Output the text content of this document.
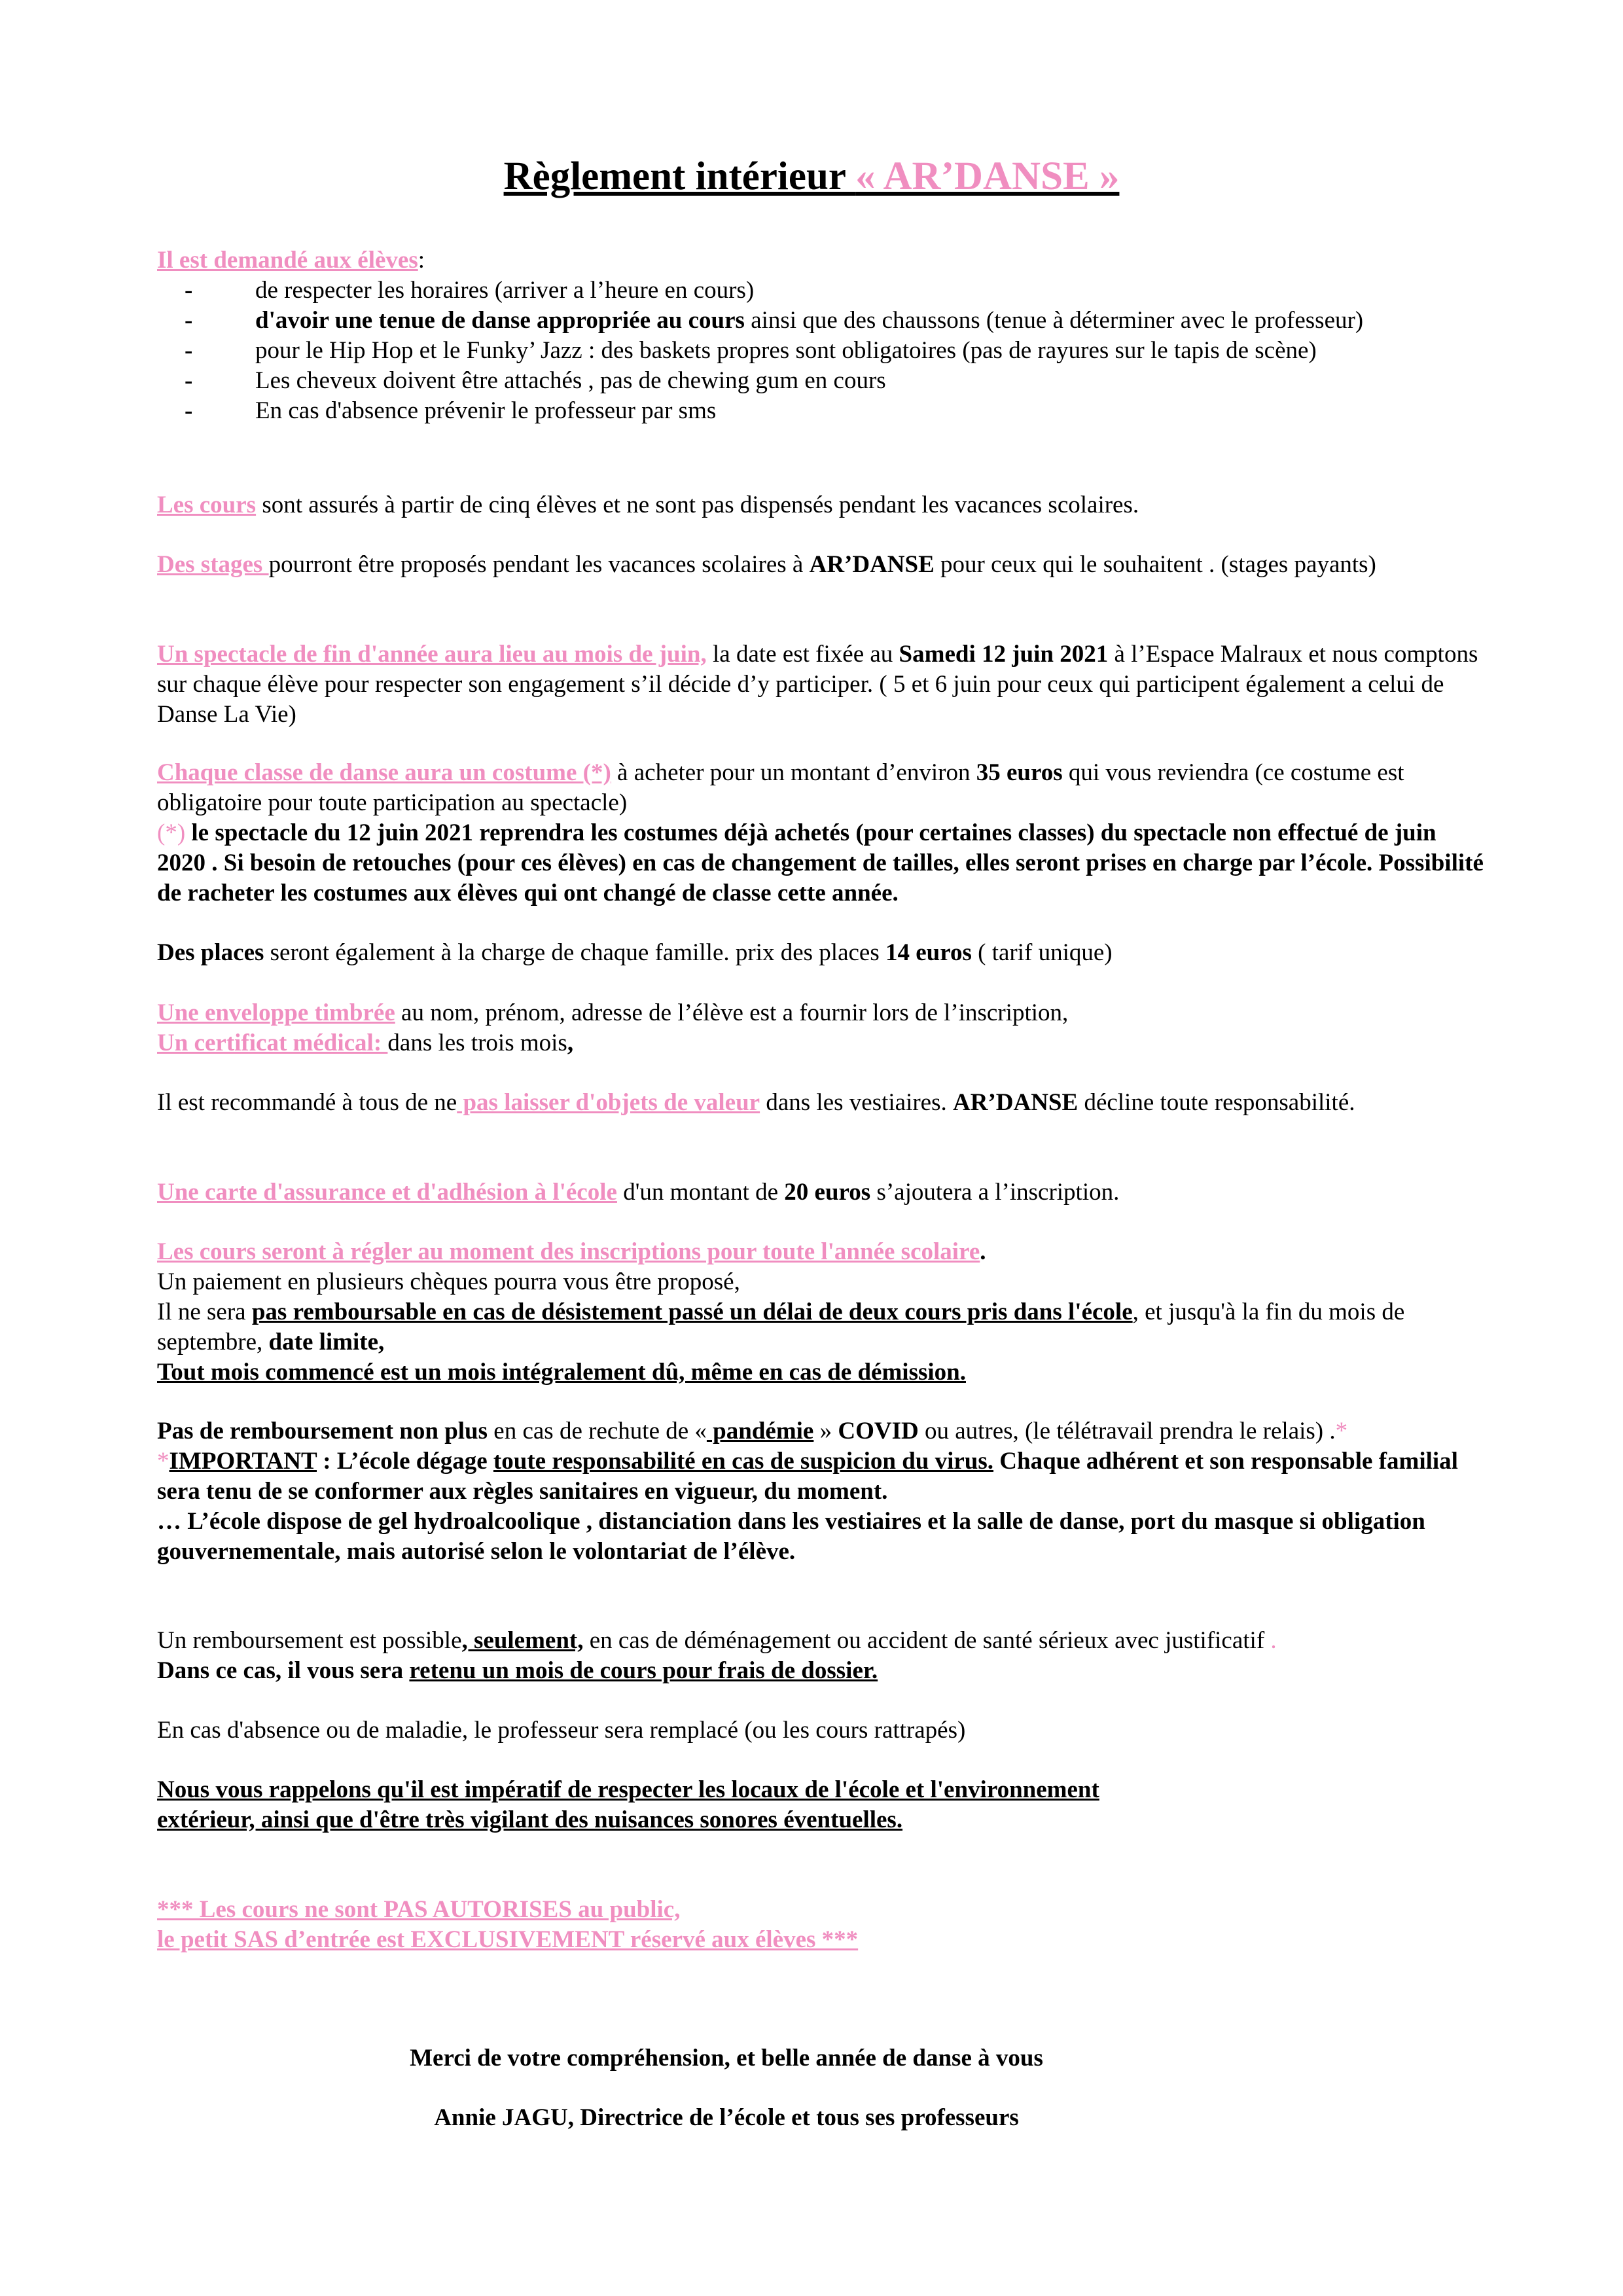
Règlement intérieur « AR’DANSE »
Il est demandé aux élèves:
-	de respecter les horaires (arriver a l’heure en cours)
-	d'avoir une tenue de danse appropriée au cours ainsi que des chaussons (tenue à déterminer avec le professeur)
-	pour le Hip Hop et le Funky’ Jazz : des baskets propres sont obligatoires (pas de rayures sur le tapis de scène)
-	Les cheveux doivent être attachés , pas de chewing gum en cours
-	En cas d'absence prévenir le professeur par sms

Les cours sont assurés à partir de cinq élèves et ne sont pas dispensés pendant les vacances scolaires.

Des stages pourront être proposés pendant les vacances scolaires à AR’DANSE pour ceux qui le souhaitent . (stages payants)

Un spectacle de fin d'année aura lieu au mois de juin, la date est fixée au Samedi 12 juin 2021 à l’Espace Malraux et nous comptons sur chaque élève pour respecter son engagement s’il décide d’y participer. ( 5 et 6 juin pour ceux qui participent également a celui de Danse La Vie)

Chaque classe de danse aura un costume (*) à acheter pour un montant d’environ 35 euros qui vous reviendra (ce costume est obligatoire pour toute participation au spectacle)
(*) le spectacle du 12 juin 2021 reprendra les costumes déjà achetés (pour certaines classes) du spectacle non effectué de juin 2020 . Si besoin de retouches (pour ces élèves) en cas de changement de tailles, elles seront prises en charge par l’école. Possibilité de racheter les costumes aux élèves qui ont changé de classe cette année.

Des places seront également à la charge de chaque famille. prix des places 14 euros ( tarif unique)

Une enveloppe timbrée au nom, prénom, adresse de l’élève est a fournir lors de l’inscription,

Un certificat médical: dans les trois mois,

Il est recommandé à tous de ne pas laisser d'objets de valeur dans les vestiaires. AR’DANSE décline toute responsabilité.

Une carte d'assurance et d'adhésion à l'école d'un montant de 20 euros s’ajoutera a l’inscription.

Les cours seront à régler au moment des inscriptions pour toute l'année scolaire.
Un paiement en plusieurs chèques pourra vous être proposé,
Il ne sera pas remboursable en cas de désistement passé un délai de deux cours pris dans l'école, et jusqu'à la fin du mois de septembre, date limite,
Tout mois commencé est un mois intégralement dû, même en cas de démission.

Pas de remboursement non plus en cas de rechute de « pandémie » COVID ou autres, (le télétravail prendra le relais) .*
*IMPORTANT : L’école dégage toute responsabilité en cas de suspicion du virus. Chaque adhérent et son responsable familial sera tenu de se conformer aux règles sanitaires en vigueur, du moment.
… L’école dispose de gel hydroalcoolique , distanciation dans les vestiaires et la salle de danse, port du masque si obligation gouvernementale, mais autorisé selon le volontariat de l’élève.

Un remboursement est possible, seulement, en cas de déménagement ou accident de santé sérieux avec justificatif .
Dans ce cas, il vous sera retenu un mois de cours pour frais de dossier.

En cas d'absence ou de maladie, le professeur sera remplacé (ou les cours rattrapés)

Nous vous rappelons qu'il est impératif de respecter les locaux de l'école et l'environnement
extérieur, ainsi que d'être très vigilant des nuisances sonores éventuelles.

*** Les cours ne sont PAS AUTORISES au public,
le petit SAS d’entrée est EXCLUSIVEMENT réservé aux élèves ***

Merci de votre compréhension, et belle année de danse à vous

Annie JAGU, Directrice de l’école et tous ses professeurs
